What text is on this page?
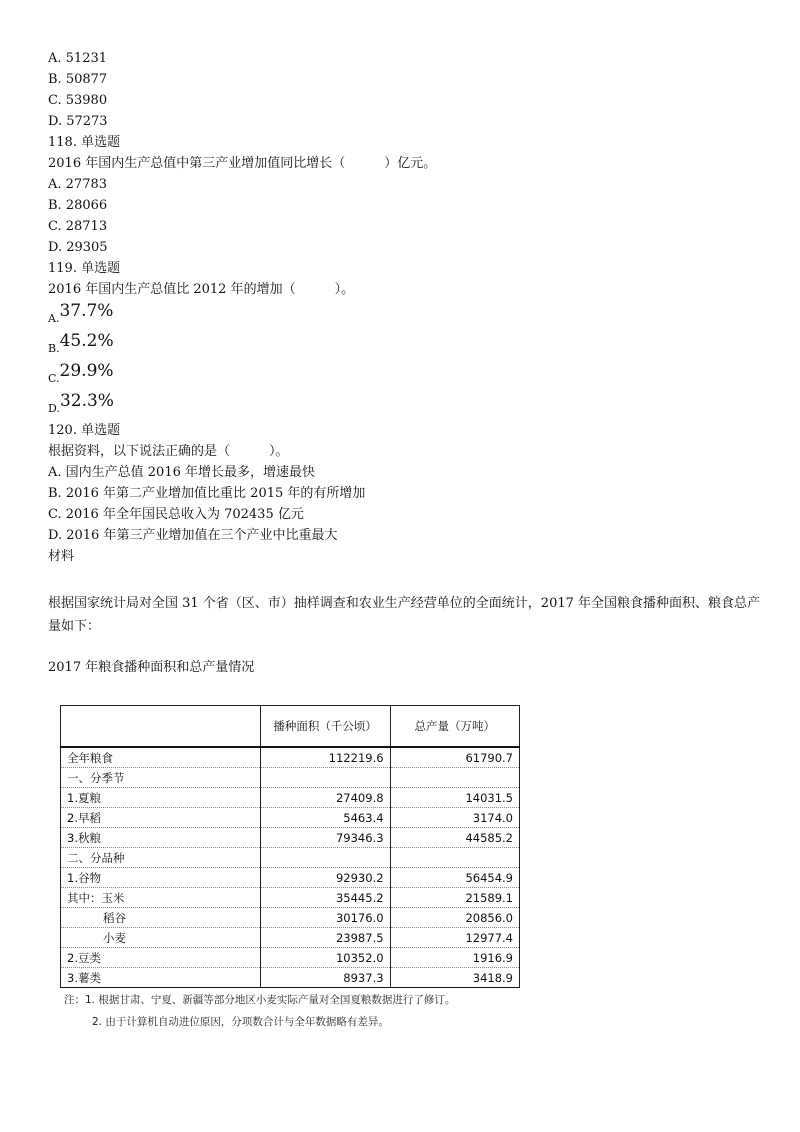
A. 51231
B. 50877
C. 53980
D. 57273
118. 单选题
2016 年国内生产总值中第三产业增加值同比增长（　　　）亿元。
A. 27783
B. 28066
C. 28713
D. 29305
119. 单选题
2016 年国内生产总值比 2012 年的增加（　　　）。
$_{A.}$37.7%
$_{B.}$45.2%
$_{C.}$29.9%
$_{D.}$32.3%
120. 单选题
根据资料，以下说法正确的是（　　　）。
A. 国内生产总值 2016 年增长最多，增速最快
B. 2016 年第二产业增加值比重比 2015 年的有所增加
C. 2016 年全年国民总收入为 702435 亿元
D. 2016 年第三产业增加值在三个产业中比重最大
材料
根据国家统计局对全国 31 个省（区、市）抽样调查和农业生产经营单位的全面统计，2017 年全国粮食播种面积、粮食总产量如下：
2017 年粮食播种面积和总产量情况
	播种面积（千公顷）	总产量（万吨）
全年粮食	112219.6	61790.7
一、分季节		
1.夏粮	27409.8	14031.5
2.早稻	5463.4	3174.0
3.秋粮	79346.3	44585.2
二、分品种		
1.谷物	92930.2	56454.9
其中：玉米	35445.2	21589.1
稻谷	30176.0	20856.0
小麦	23987.5	12977.4
2.豆类	10352.0	1916.9
3.薯类	8937.3	3418.9
注：1. 根据甘肃、宁夏、新疆等部分地区小麦实际产量对全国夏粮数据进行了修订。
2. 由于计算机自动进位原因，分项数合计与全年数据略有差异。
